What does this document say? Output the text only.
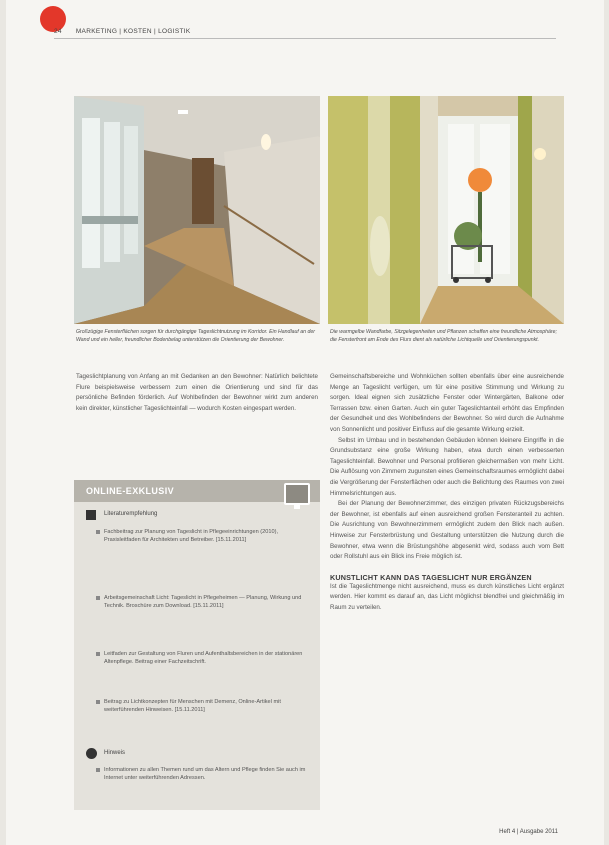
24 MARKETING | KOSTEN | LOGISTIK
Großzügige Fensterflächen sorgen für durchgängige Tageslichtnutzung im Korridor. Ein Handlauf an der Wand und ein heller, freundlicher Bodenbelag unterstützen die Orientierung der Bewohner.
Die warmgelbe Wandfarbe, Sitzgelegenheiten und Pflanzen schaffen eine freundliche Atmosphäre; die Fensterfront am Ende des Flurs dient als natürliche Lichtquelle und Orientierungspunkt.
Tageslichtplanung von Anfang an mit Gedanken an den Bewohner: Natürlich belichtete Flure beispielsweise verbessern zum einen die Orientierung und sind für das persönliche Befinden förderlich. Auf Wohlbefinden der Bewohner wirkt zum anderen kein direkter, künstlicher Tageslichteinfall — wodurch Kosten eingespart werden.
ONLINE-EXKLUSIV
Literaturempfehlung
Fachbeitrag zur Planung von Tageslicht in Pflegeeinrichtungen (2010), Praxisleitfaden für Architekten und Betreiber. [15.11.2011]
Arbeitsgemeinschaft Licht: Tageslicht in Pflegeheimen — Planung, Wirkung und Technik. Broschüre zum Download. [15.11.2011]
Leitfaden zur Gestaltung von Fluren und Aufenthaltsbereichen in der stationären Altenpflege. Beitrag einer Fachzeitschrift.
Beitrag zu Lichtkonzepten für Menschen mit Demenz, Online-Artikel mit weiterführenden Hinweisen. [15.11.2011]
Hinweis
Informationen zu allen Themen rund um das Altern und Pflege finden Sie auch im Internet unter weiterführenden Adressen.

Gemeinschaftsbereiche und Wohnküchen sollten ebenfalls über eine ausreichende Menge an Tageslicht verfügen, um für eine positive Stimmung und Wirkung zu sorgen. Ideal eignen sich zusätzliche Fenster oder Wintergärten, Balkone oder Terrassen bzw. einen Garten. Auch ein guter Tageslichtanteil erhöht das Empfinden der Gesundheit und des Wohlbefindens der Bewohner. So wird durch die Aufnahme von Sonnenlicht und positiver Einfluss auf die gesamte Wirkung erzielt.

Selbst im Umbau und in bestehenden Gebäuden können kleinere Eingriffe in die Grundsubstanz eine große Wirkung haben, etwa durch einen verbesserten Tageslichteinfall. Bewohner und Personal profitieren gleichermaßen von mehr Licht. Die Auflösung von Zimmern zugunsten eines Gemeinschaftsraumes ermöglicht dabei die Vergrößerung der Fensterflächen oder auch die Belichtung des Raumes von zwei Himmelsrichtungen aus.

Bei der Planung der Bewohnerzimmer, des einzigen privaten Rückzugsbereichs der Bewohner, ist ebenfalls auf einen ausreichend großen Fensteranteil zu achten. Die Ausrichtung von Bewohnerzimmern ermöglicht zudem den Blick nach außen. Hinweise zur Fensterbrüstung und Gestaltung unterstützen die Nutzung durch die Bewohner, etwa wenn die Brüstungshöhe abgesenkt wird, sodass auch vom Bett oder Rollstuhl aus ein Blick ins Freie möglich ist.

KUNSTLICHT KANN DAS TAGESLICHT NUR ERGÄNZEN

Ist die Tageslichtmenge nicht ausreichend, muss es durch künstliches Licht ergänzt werden. Hier kommt es darauf an, das Licht möglichst blendfrei und gleichmäßig im Raum zu verteilen.

Heft 4 | Ausgabe 2011
